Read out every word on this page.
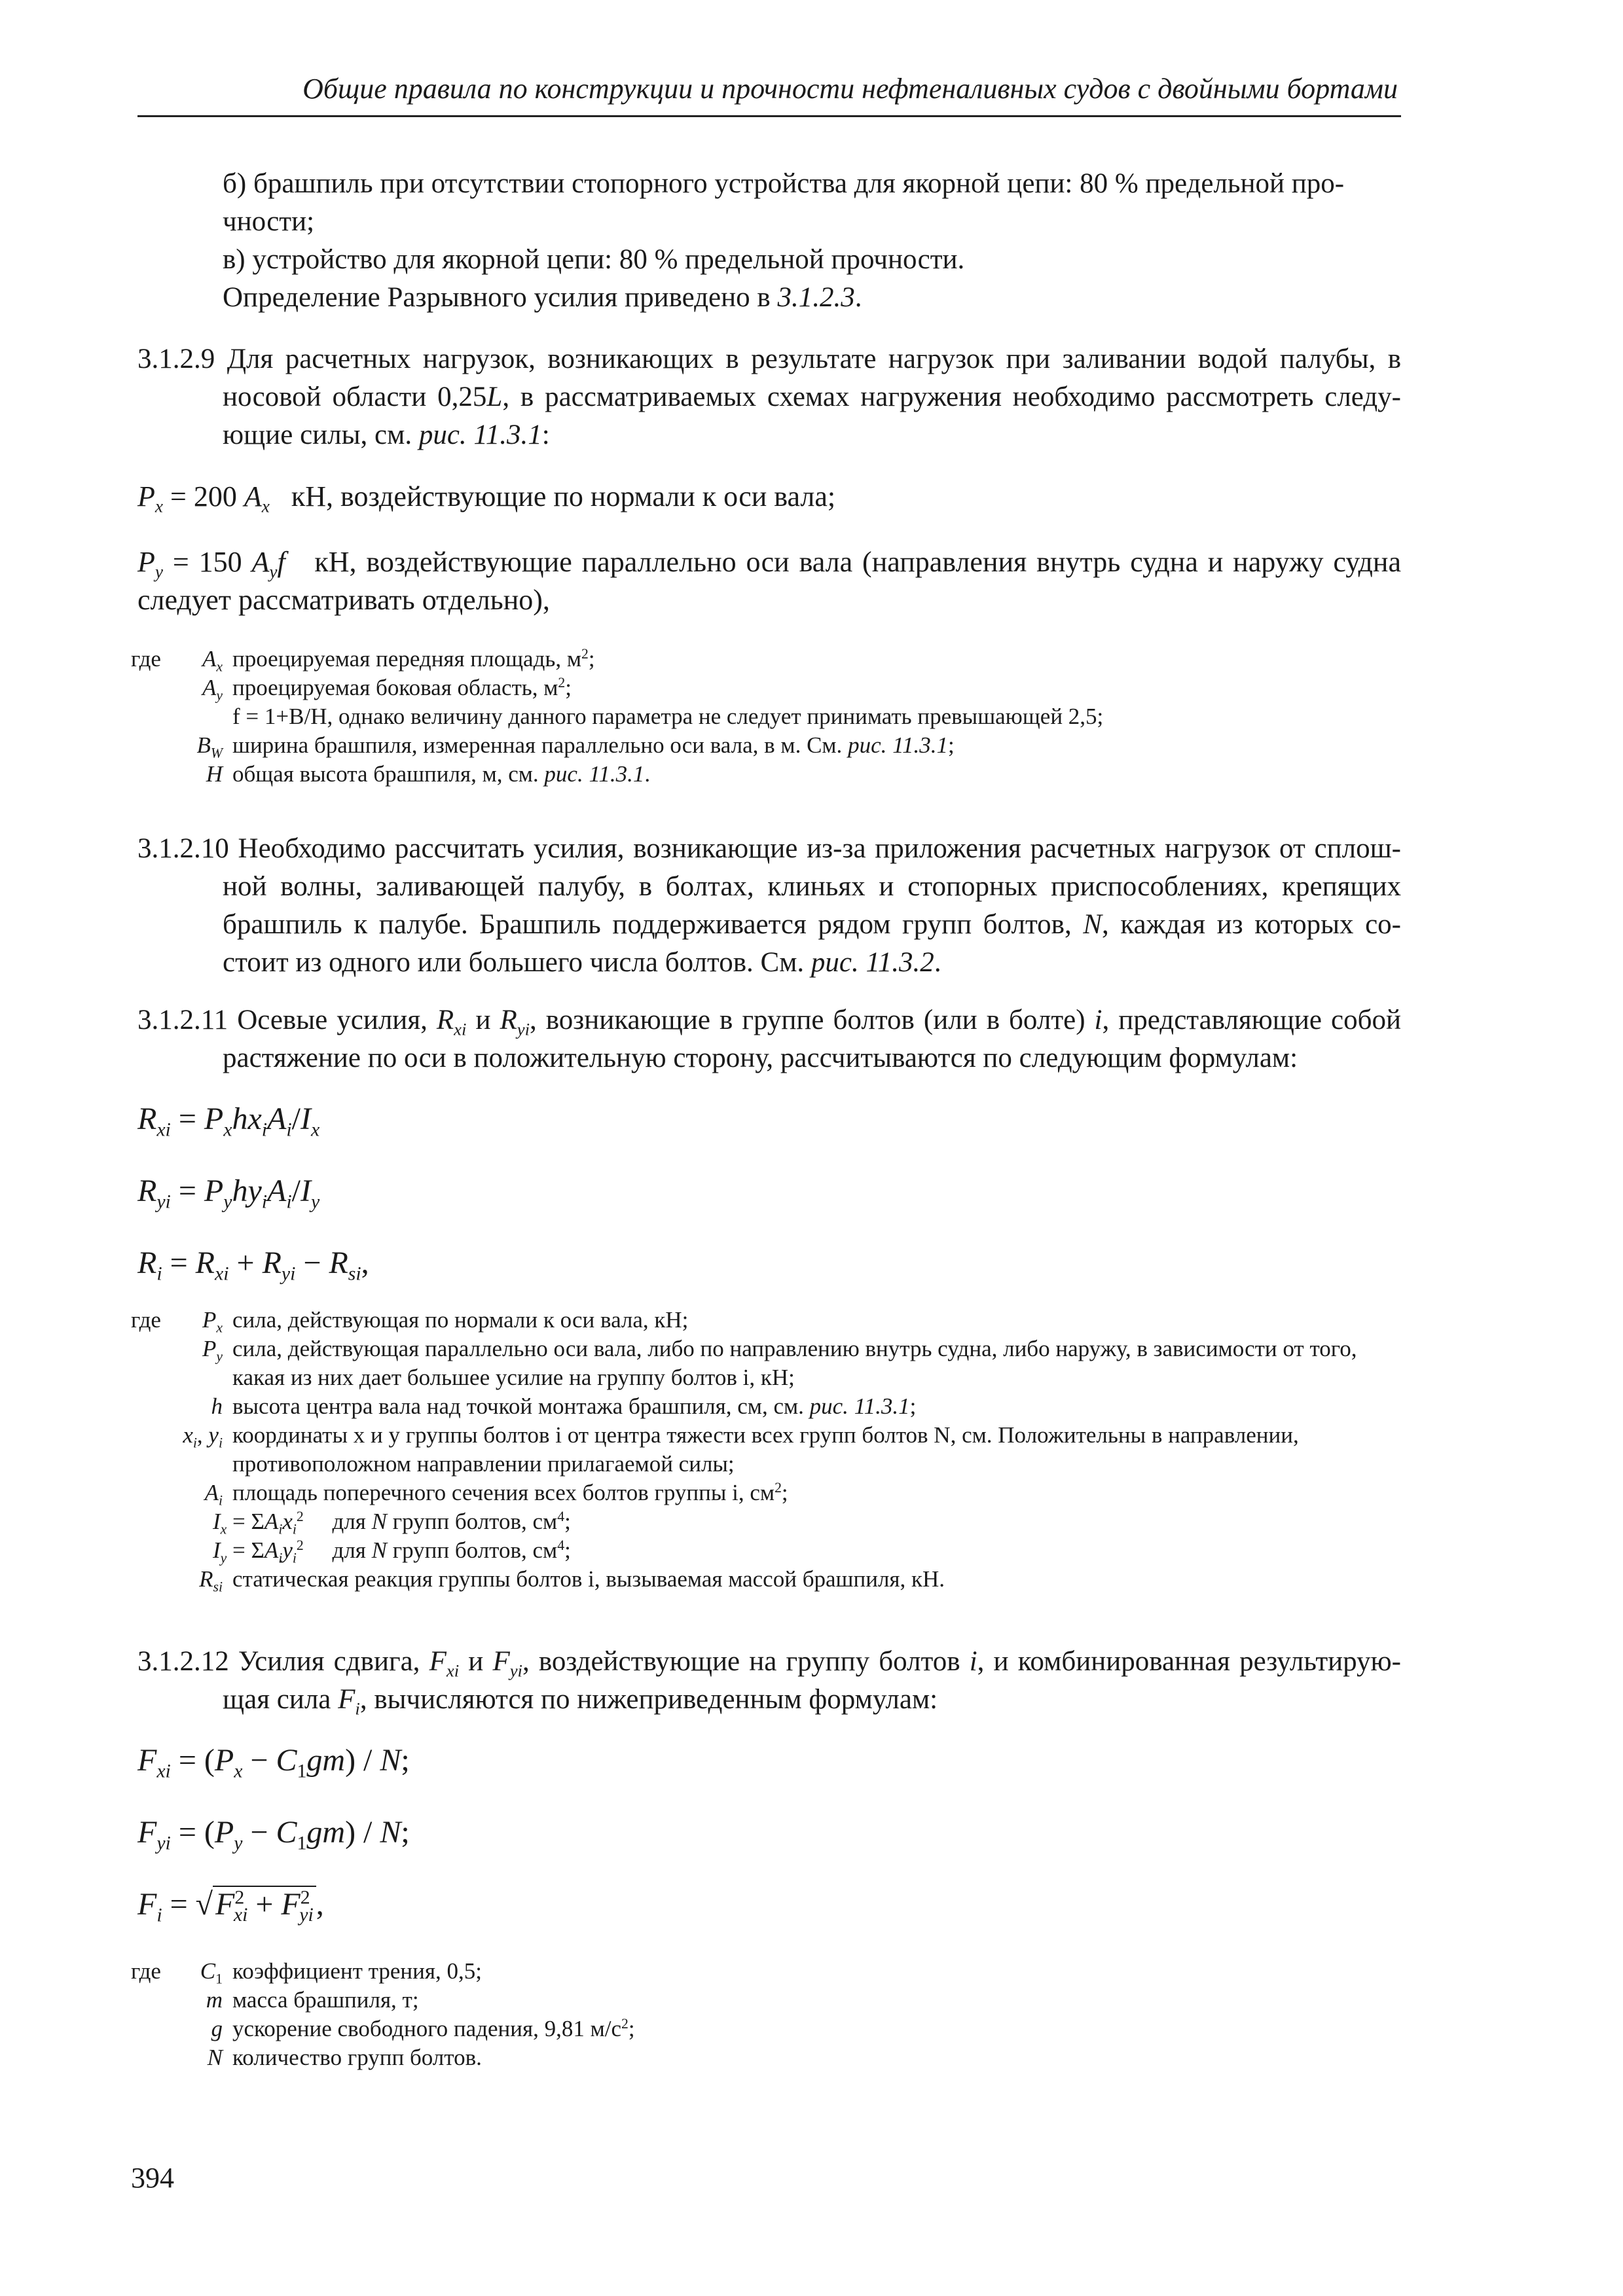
Общие правила по конструкции и прочности нефтеналивных судов с двойными бортами
б) брашпиль при отсутствии стопорного устройства для якорной цепи: 80 % предельной про-
чности;
в) устройство для якорной цепи: 80 % предельной прочности.
Определение Разрывного усилия приведено в 3.1.2.3.
3.1.2.9 Для расчетных нагрузок, возникающих в результате нагрузок при заливании водой палубы, в носовой области 0,25L, в рассматриваемых схемах нагружения необходимо рассмотреть следу-ющие силы, см. рис. 11.3.1:
$P_x = 200$ $A_x$ кН, воздействующие по нормали к оси вала;
$P_y = 150$ $A_yf$ кН, воздействующие параллельно оси вала (направления внутрь судна и наружу судна следует рассматривать отдельно),
где	$A_x$ проецируемая передняя площадь, $м^2$;
$A_y$ проецируемая боковая область, $м^2$;
f = 1+B/H, однако величину данного параметра не следует принимать превышающей 2,5;
$B_W$ ширина брашпиля, измеренная параллельно оси вала, в м. См. рис. 11.3.1;
H общая высота брашпиля, м, см. рис. 11.3.1.
3.1.2.10 Необходимо рассчитать усилия, возникающие из-за приложения расчетных нагрузок от сплош-ной волны, заливающей палубу, в болтах, клиньях и стопорных приспособлениях, крепящих брашпиль к палубе. Брашпиль поддерживается рядом групп болтов, N, каждая из которых со-стоит из одного или большего числа болтов. См. рис. 11.3.2.
3.1.2.11 Осевые усилия, $R_{xi}$ и $R_{yi}$, возникающие в группе болтов (или в болте) i, представляющие собой растяжение по оси в положительную сторону, рассчитываются по следующим формулам:
$R_{xi} = P_xhx_iA_i/I_x$
$R_{yi} = P_yhy_iA_i/I_y$
$R_i = R_{xi} + R_{yi} - R_{si}$,
где	$P_x$ сила, действующая по нормали к оси вала, кН;
$P_y$ сила, действующая параллельно оси вала, либо по направлению внутрь судна, либо наружу, в зависимости от того, какая из них дает большее усилие на группу болтов i, кН;
h высота центра вала над точкой монтажа брашпиля, см, см. рис. 11.3.1;
$x_i$, $y_i$ координаты x и y группы болтов i от центра тяжести всех групп болтов N, см. Положительны в направлении, противоположном направлении прилагаемой силы;
$A_i$ площадь поперечного сечения всех болтов группы i, $см^2$;
$I_x = \Sigma A_ix_i^2$     для N групп болтов, $см^4$;
$I_y = \Sigma A_iy_i^2$     для N групп болтов, $см^4$;
$R_{si}$ статическая реакция группы болтов i, вызываемая массой брашпиля, кН.
3.1.2.12 Усилия сдвига, $F_{xi}$ и $F_{yi}$, воздействующие на группу болтов i, и комбинированная результирую-щая сила $F_i$, вычисляются по нижеприведенным формулам:
$F_{xi} = (P_x - C_1gm) / N$;
$F_{yi} = (P_y - C_1gm) / N$;
$F_i = √F^2_{xi} + F^2_{yi}$,
где	$C_1$ коэффициент трения, 0,5;
m масса брашпиля, т;
g ускорение свободного падения, 9,81 $м/с^2$;
N количество групп болтов.
394
